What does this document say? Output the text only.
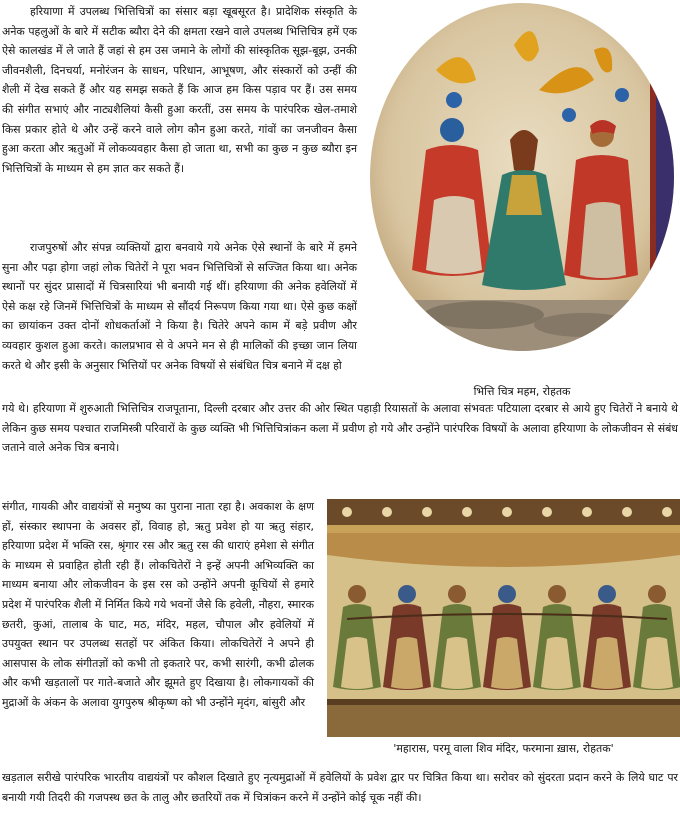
हरियाणा में उपलब्ध भित्तिचित्रों का संसार बड़ा खूबसूरत है। प्रादेशिक संस्कृति के अनेक पहलुओं के बारे में सटीक ब्यौरा देने की क्षमता रखने वाले उपलब्ध भित्तिचित्र हमें एक ऐसे कालखंड में ले जाते हैं जहां से हम उस जमाने के लोगों की सांस्कृतिक सूझ-बूझ, उनकी जीवनशैली, दिनचर्या, मनोरंजन के साधन, परिधान, आभूषण, और संस्कारों को उन्हीं की शैली में देख सकते हैं और यह समझ सकते हैं कि आज हम किस पड़ाव पर हैं। उस समय की संगीत सभाएं और नाट्यशैलियां कैसी हुआ करतीं, उस समय के पारंपरिक खेल-तमाशे किस प्रकार होते थे और उन्हें करने वाले लोग कौन हुआ करते, गांवों का जनजीवन कैसा हुआ करता और ऋतुओं में लोकव्यवहार कैसा हो जाता था, सभी का कुछ न कुछ ब्यौरा इन भित्तिचित्रों के माध्यम से हम ज्ञात कर सकते हैं।

राजपुरुषों और संपन्न व्यक्तियों द्वारा बनवाये गये अनेक ऐसे स्थानों के बारे में हमने सुना और पढ़ा होगा जहां लोक चितेरों ने पूरा भवन भित्तिचित्रों से सज्जित किया था। अनेक स्थानों पर सुंदर प्रासादों में चित्रसारियां भी बनायी गई थीं। हरियाणा की अनेक हवेलियों में ऐसे कक्ष रहे जिनमें भित्तिचित्रों के माध्यम से सौंदर्य निरूपण किया गया था। ऐसे कुछ कक्षों का छायांकन उक्त दोनों शोधकर्ताओं ने किया है। चितेरे अपने काम में बड़े प्रवीण और व्यवहार कुशल हुआ करते। कालप्रभाव से वे अपने मन से ही मालिकों की इच्छा जान लिया करते थे और इसी के अनुसार भित्तियों पर अनेक विषयों से संबंधित चित्र बनाने में दक्ष हो

गये थे। हरियाणा में शुरुआती भित्तिचित्र राजपूताना, दिल्ली दरबार और उत्तर की ओर स्थित पहाड़ी रियासतों के अलावा संभवतः पटियाला दरबार से आये हुए चितेरों ने बनाये थे लेकिन कुछ समय पश्चात राजमिस्त्री परिवारों के कुछ व्यक्ति भी भित्तिचित्रांकन कला में प्रवीण हो गये और उन्होंने पारंपरिक विषयों के अलावा हरियाणा के लोकजीवन से संबंध जताने वाले अनेक चित्र बनाये।

भित्ति चित्र महम, रोहतक

संगीत, गायकी और वाद्ययंत्रों से मनुष्य का पुराना नाता रहा है। अवकाश के क्षण हों, संस्कार स्थापना के अवसर हों, विवाह हो, ऋतु प्रवेश हो या ऋतु संहार, हरियाणा प्रदेश में भक्ति रस, श्रृंगार रस और ऋतु रस की धाराएं हमेशा से संगीत के माध्यम से प्रवाहित होती रही हैं। लोकचितेरों ने इन्हें अपनी अभिव्यक्ति का माध्यम बनाया और लोकजीवन के इस रस को उन्होंने अपनी कूचियों से हमारे प्रदेश में पारंपरिक शैली में निर्मित किये गये भवनों जैसे कि हवेली, नौहरा, स्मारक छतरी, कुआं, तालाब के घाट, मठ, मंदिर, महल, चौपाल और हवेलियों में उपयुक्त स्थान पर उपलब्ध सतहों पर अंकित किया। लोकचितेरों ने अपने ही आसपास के लोक संगीतज्ञों को कभी तो इकतारे पर, कभी सारंगी, कभी ढोलक और कभी खड़तालों पर गाते-बजाते और झूमते हुए दिखाया है। लोकगायकों की मुद्राओं के अंकन के अलावा युगपुरुष श्रीकृष्ण को भी उन्होंने मृदंग, बांसुरी और

खड़ताल सरीखे पारंपरिक भारतीय वाद्ययंत्रों पर कौशल दिखाते हुए नृत्यमुद्राओं में हवेलियों के प्रवेश द्वार पर चित्रित किया था। सरोवर को सुंदरता प्रदान करने के लिये घाट पर बनायी गयी तिदरी की गजपस्थ छत के तालु और छतरियों तक में चित्रांकन करने में उन्होंने कोई चूक नहीं की।

'महारास, परमू वाला शिव मंदिर, फरमाना ख़ास, रोहतक'
